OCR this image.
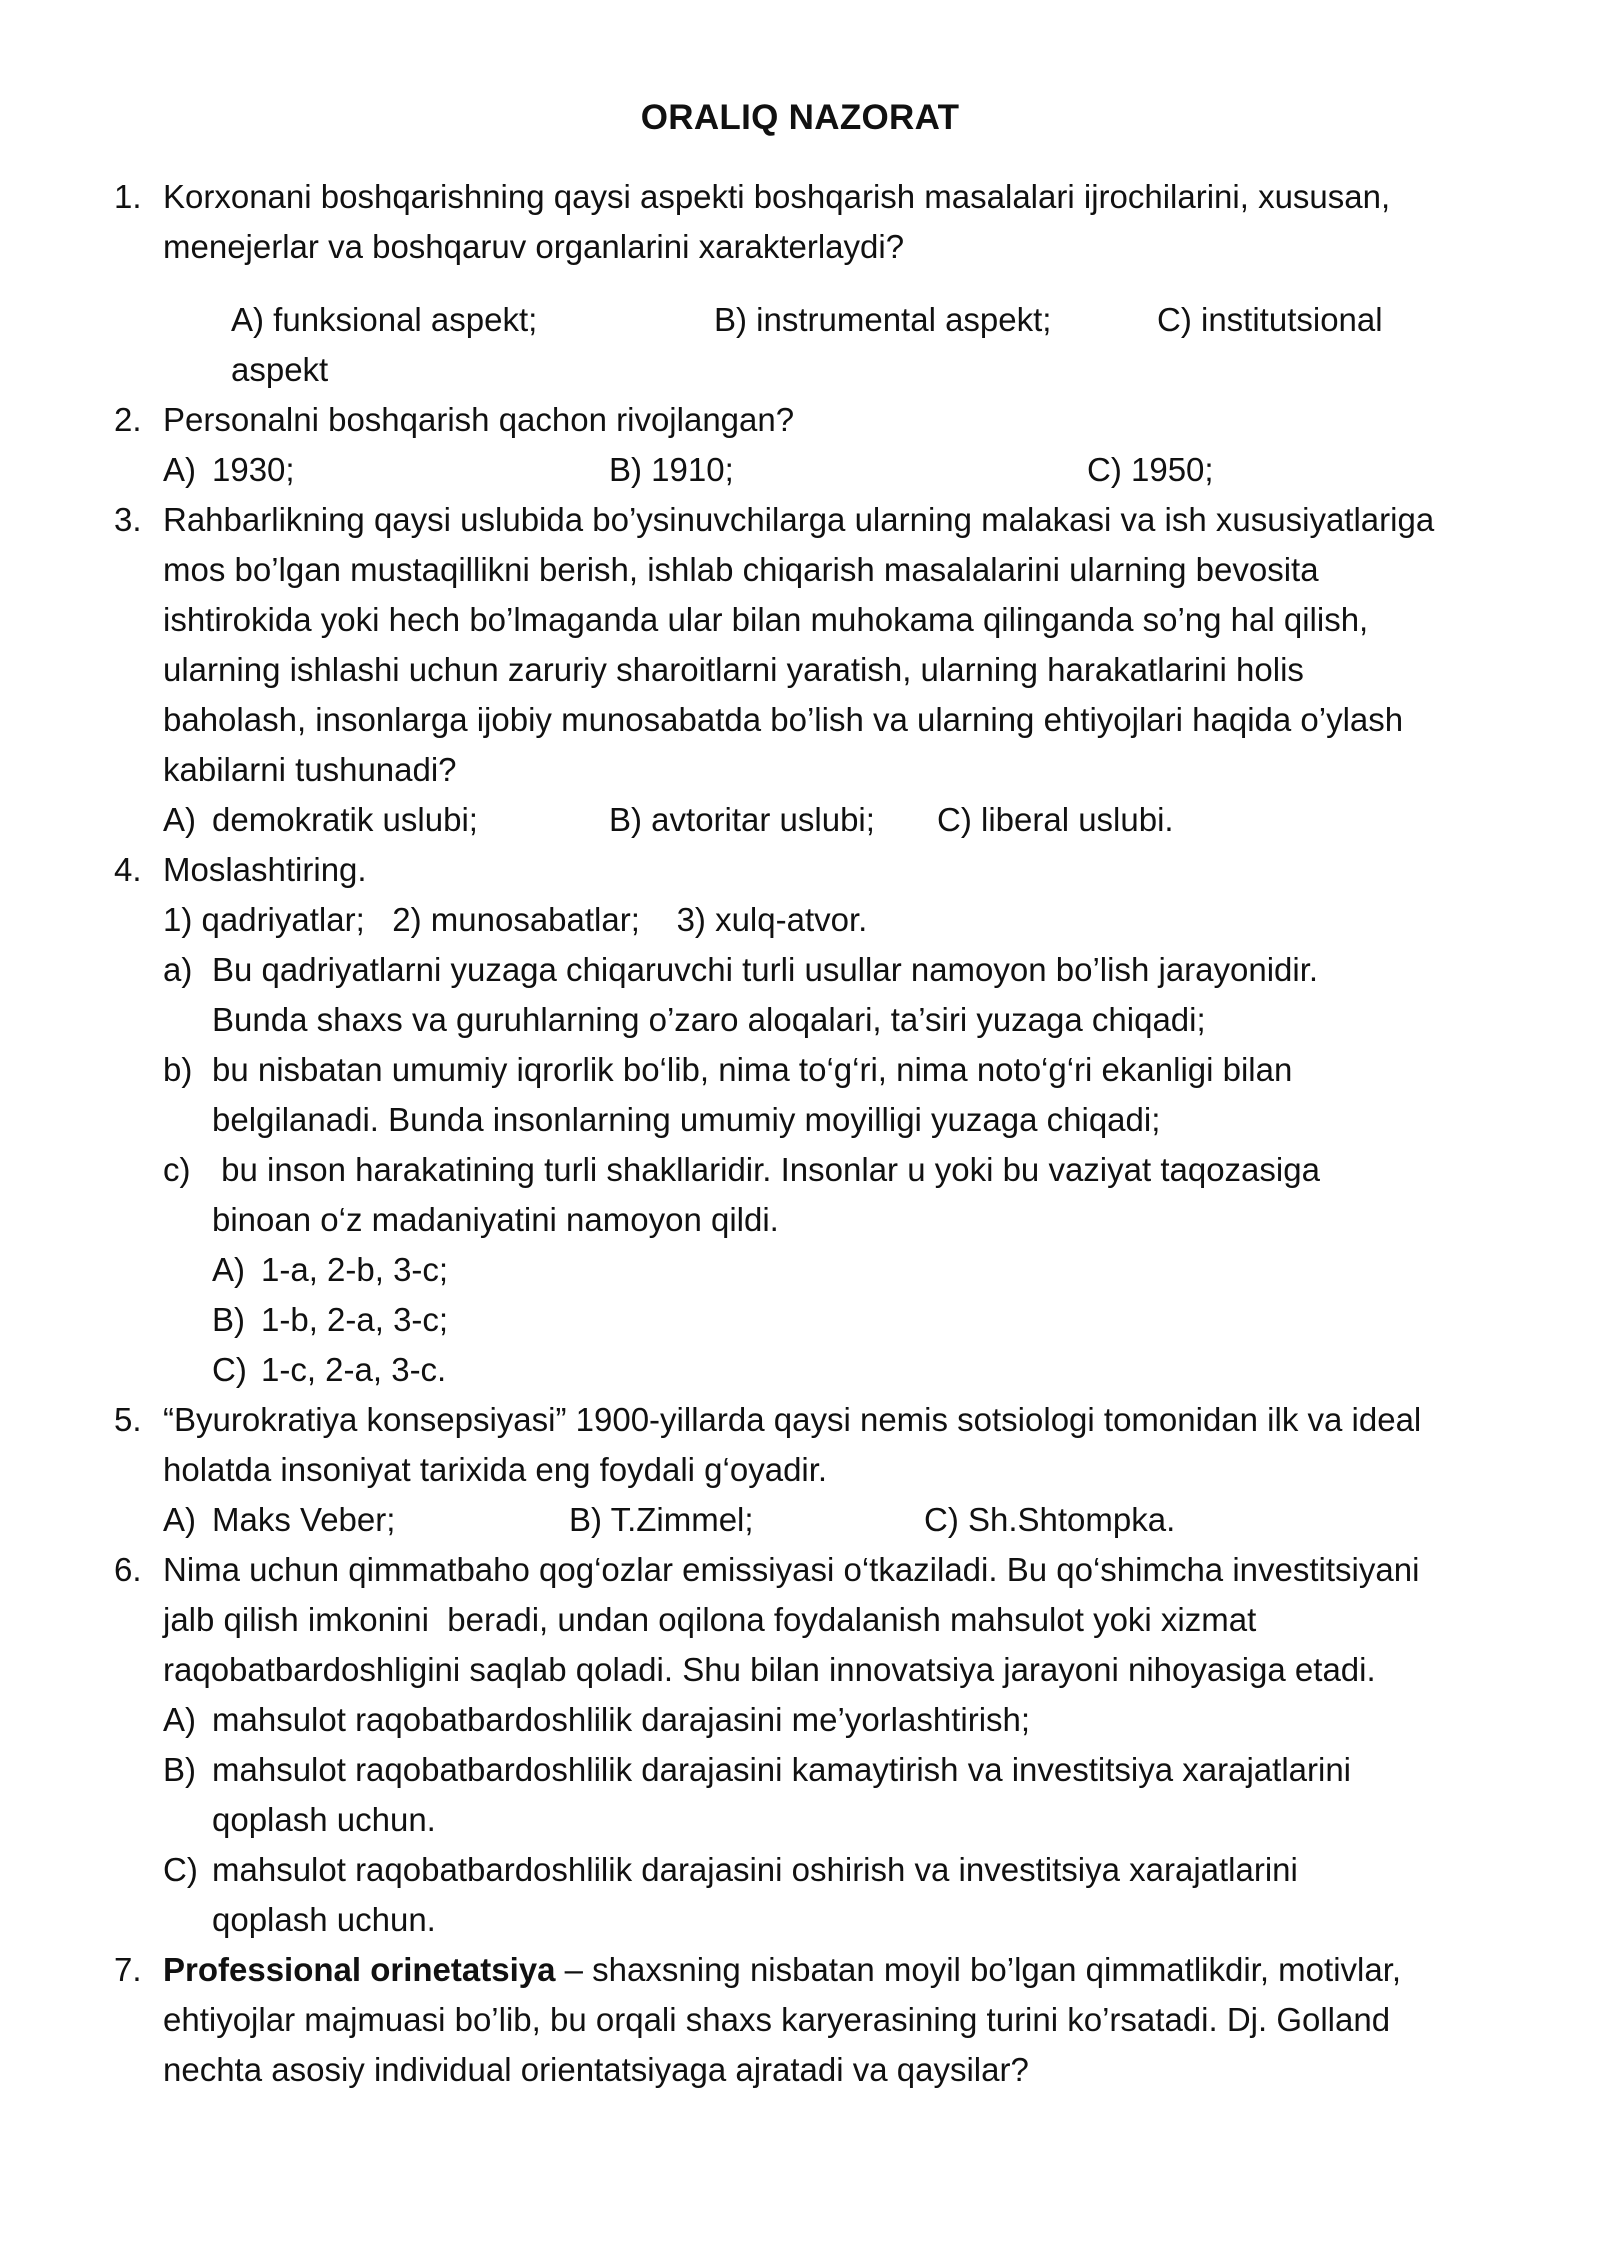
ORALIQ NAZORAT
1. Korxonani boshqarishning qaysi aspekti boshqarish masalalari ijrochilarini, xususan,
menejerlar va boshqaruv organlarini xarakterlaydi?
A) funksional aspekt;	B) instrumental aspekt;	C) institutsional
aspekt
2. Personalni boshqarish qachon rivojlangan?
A) 1930;	B) 1910;	C) 1950;
3. Rahbarlikning qaysi uslubida bo’ysinuvchilarga ularning malakasi va ish xususiyatlariga
mos bo’lgan mustaqillikni berish, ishlab chiqarish masalalarini ularning bevosita
ishtirokida yoki hech bo’lmaganda ular bilan muhokama qilinganda so’ng hal qilish,
ularning ishlashi uchun zaruriy sharoitlarni yaratish, ularning harakatlarini holis
baholash, insonlarga ijobiy munosabatda bo’lish va ularning ehtiyojlari haqida o’ylash
kabilarni tushunadi?
A) demokratik uslubi;	B) avtoritar uslubi; C) liberal uslubi.
4. Moslashtiring.
1) qadriyatlar;   2) munosabatlar;    3) xulq-atvor.
a) Bu qadriyatlarni yuzaga chiqaruvchi turli usullar namoyon bo’lish jarayonidir.
Bunda shaxs va guruhlarning o’zaro aloqalari, ta’siri yuzaga chiqadi;
b) bu nisbatan umumiy iqrorlik bo‘lib, nima to‘g‘ri, nima noto‘g‘ri ekanligi bilan
belgilanadi. Bunda insonlarning umumiy moyilligi yuzaga chiqadi;
c) bu inson harakatining turli shakllaridir. Insonlar u yoki bu vaziyat taqozasiga
binoan o‘z madaniyatini namoyon qildi.
A) 1-a, 2-b, 3-c;
B) 1-b, 2-a, 3-c;
C) 1-c, 2-a, 3-c.
5. “Byurokratiya konsepsiyasi” 1900-yillarda qaysi nemis sotsiologi tomonidan ilk va ideal
holatda insoniyat tarixida eng foydali g‘oyadir.
A) Maks Veber;	B) T.Zimmel;	C) Sh.Shtompka.
6. Nima uchun qimmatbaho qog‘ozlar emissiyasi o‘tkaziladi. Bu qo‘shimcha investitsiyani
jalb qilish imkonini  beradi, undan oqilona foydalanish mahsulot yoki xizmat
raqobatbardoshligini saqlab qoladi. Shu bilan innovatsiya jarayoni nihoyasiga etadi.
A) mahsulot raqobatbardoshlilik darajasini me’yorlashtirish;
B) mahsulot raqobatbardoshlilik darajasini kamaytirish va investitsiya xarajatlarini
qoplash uchun.
C) mahsulot raqobatbardoshlilik darajasini oshirish va investitsiya xarajatlarini
qoplash uchun.
7. Professional orinetatsiya – shaxsning nisbatan moyil bo’lgan qimmatlikdir, motivlar,
ehtiyojlar majmuasi bo’lib, bu orqali shaxs karyerasining turini ko’rsatadi. Dj. Golland
nechta asosiy individual orientatsiyaga ajratadi va qaysilar?
